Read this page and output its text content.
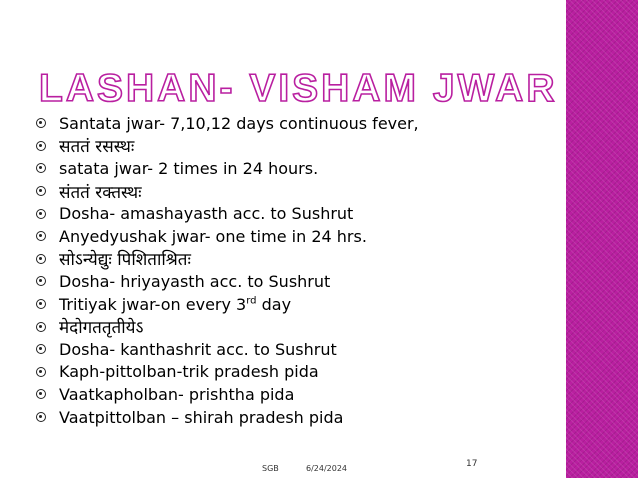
LASHAN- VISHAM JWAR
Santata jwar- 7,10,12 days continuous fever,
सततं रसस्थः
satata jwar- 2 times in 24 hours.
संततं रक्तस्थः
Dosha- amashayasth acc. to Sushrut
Anyedyushak jwar- one time in 24 hrs.
सोऽन्येद्युः पिशिताश्रितः
Dosha- hriyayasth acc. to Sushrut
Tritiyak jwar-on every 3rd day
मेदोगततृतीयेऽ
Dosha- kanthashrit acc. to Sushrut
Kaph-pittolban-trik pradesh pida
Vaatkapholban- prishtha pida
Vaatpittolban – shirah pradesh pida
SGB	6/24/2024	17
